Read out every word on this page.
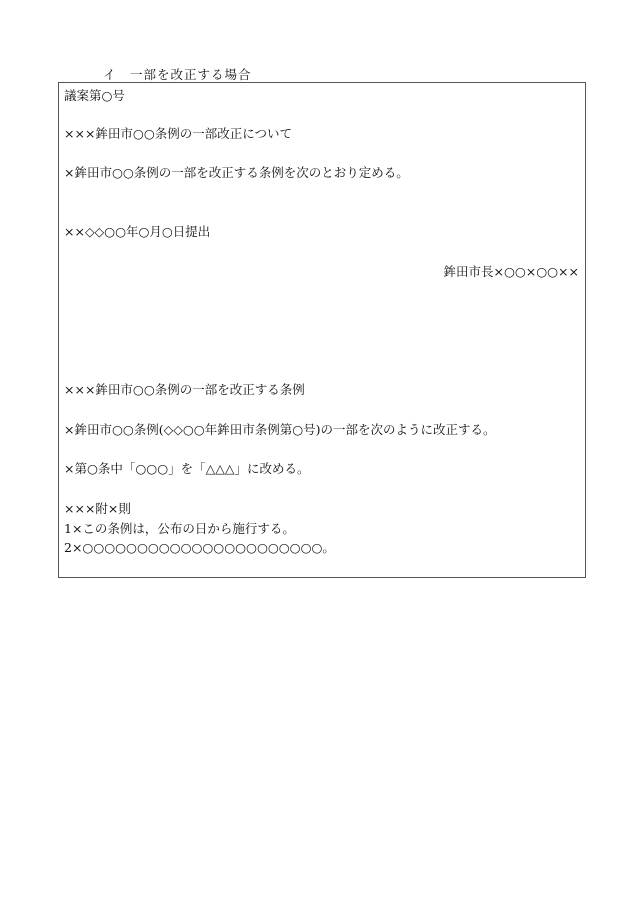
イ　一部を改正する場合
議案第○号
×××鉾田市○○条例の一部改正について
×鉾田市○○条例の一部を改正する条例を次のとおり定める。
××◇◇○○年○月○日提出
鉾田市長×○○×○○××
×××鉾田市○○条例の一部を改正する条例
×鉾田市○○条例(◇◇○○年鉾田市条例第○号)の一部を次のように改正する。
×第○条中「○○○」を「△△△」に改める。
×××附×則
1×この条例は，公布の日から施行する。
2×○○○○○○○○○○○○○○○○○○○○○○。
